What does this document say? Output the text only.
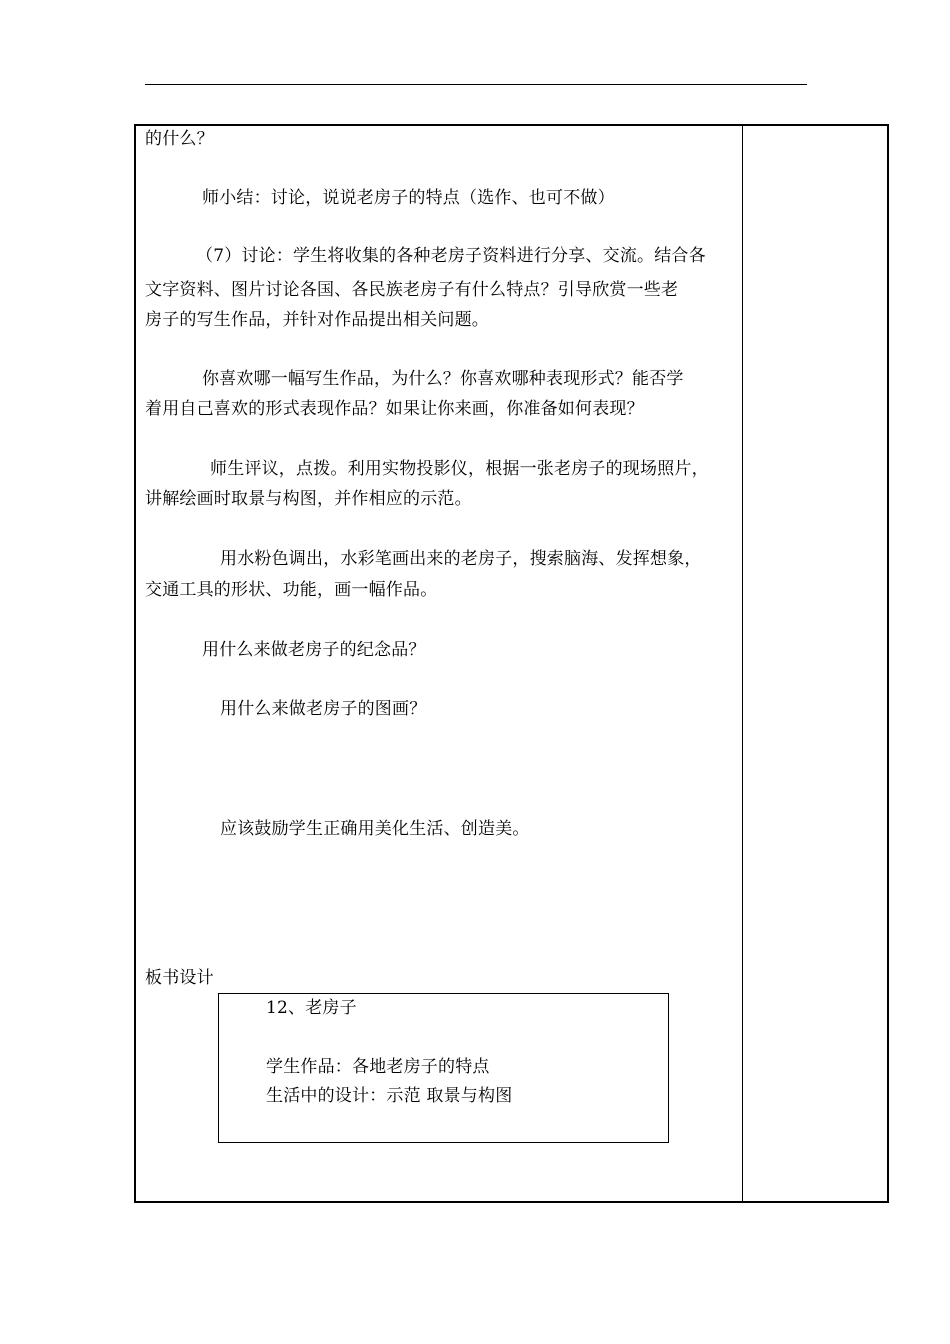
的什么？
师小结：讨论，说说老房子的特点（选作、也可不做）
（7）讨论：学生将收集的各种老房子资料进行分享、交流。结合各
文字资料、图片讨论各国、各民族老房子有什么特点？引导欣赏一些老
房子的写生作品，并针对作品提出相关问题。
你喜欢哪一幅写生作品，为什么？你喜欢哪种表现形式？能否学
着用自己喜欢的形式表现作品？如果让你来画，你准备如何表现？
师生评议，点拨。利用实物投影仪，根据一张老房子的现场照片，
讲解绘画时取景与构图，并作相应的示范。
用水粉色调出，水彩笔画出来的老房子，搜索脑海、发挥想象，
交通工具的形状、功能，画一幅作品。
用什么来做老房子的纪念品？
用什么来做老房子的图画？
应该鼓励学生正确用美化生活、创造美。
板书设计
12、老房子
学生作品：各地老房子的特点
生活中的设计：示范 取景与构图
